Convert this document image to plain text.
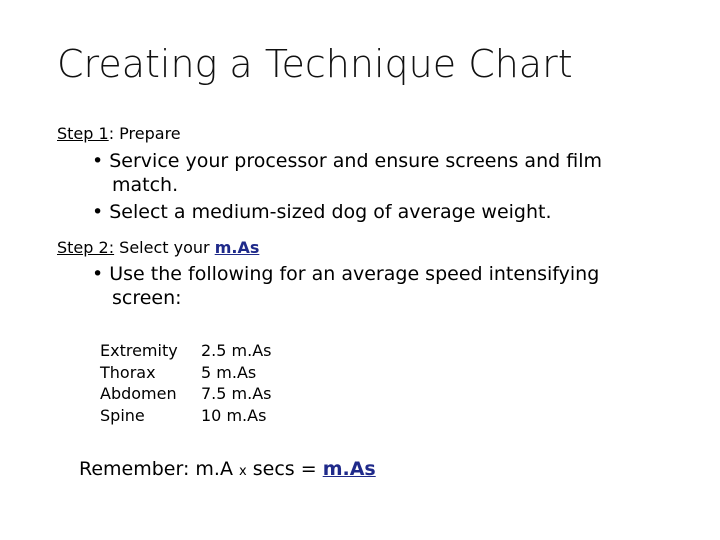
Creating a Technique Chart
Step 1: Prepare
• Service your processor and ensure screens and film
match.
• Select a medium-sized dog of average weight.
Step 2: Select your m.As
• Use the following for an average speed intensifying
screen:
Extremity	2.5 m.As
Thorax	5 m.As
Abdomen	7.5 m.As
Spine	10 m.As
Remember: m.A x secs = m.As
